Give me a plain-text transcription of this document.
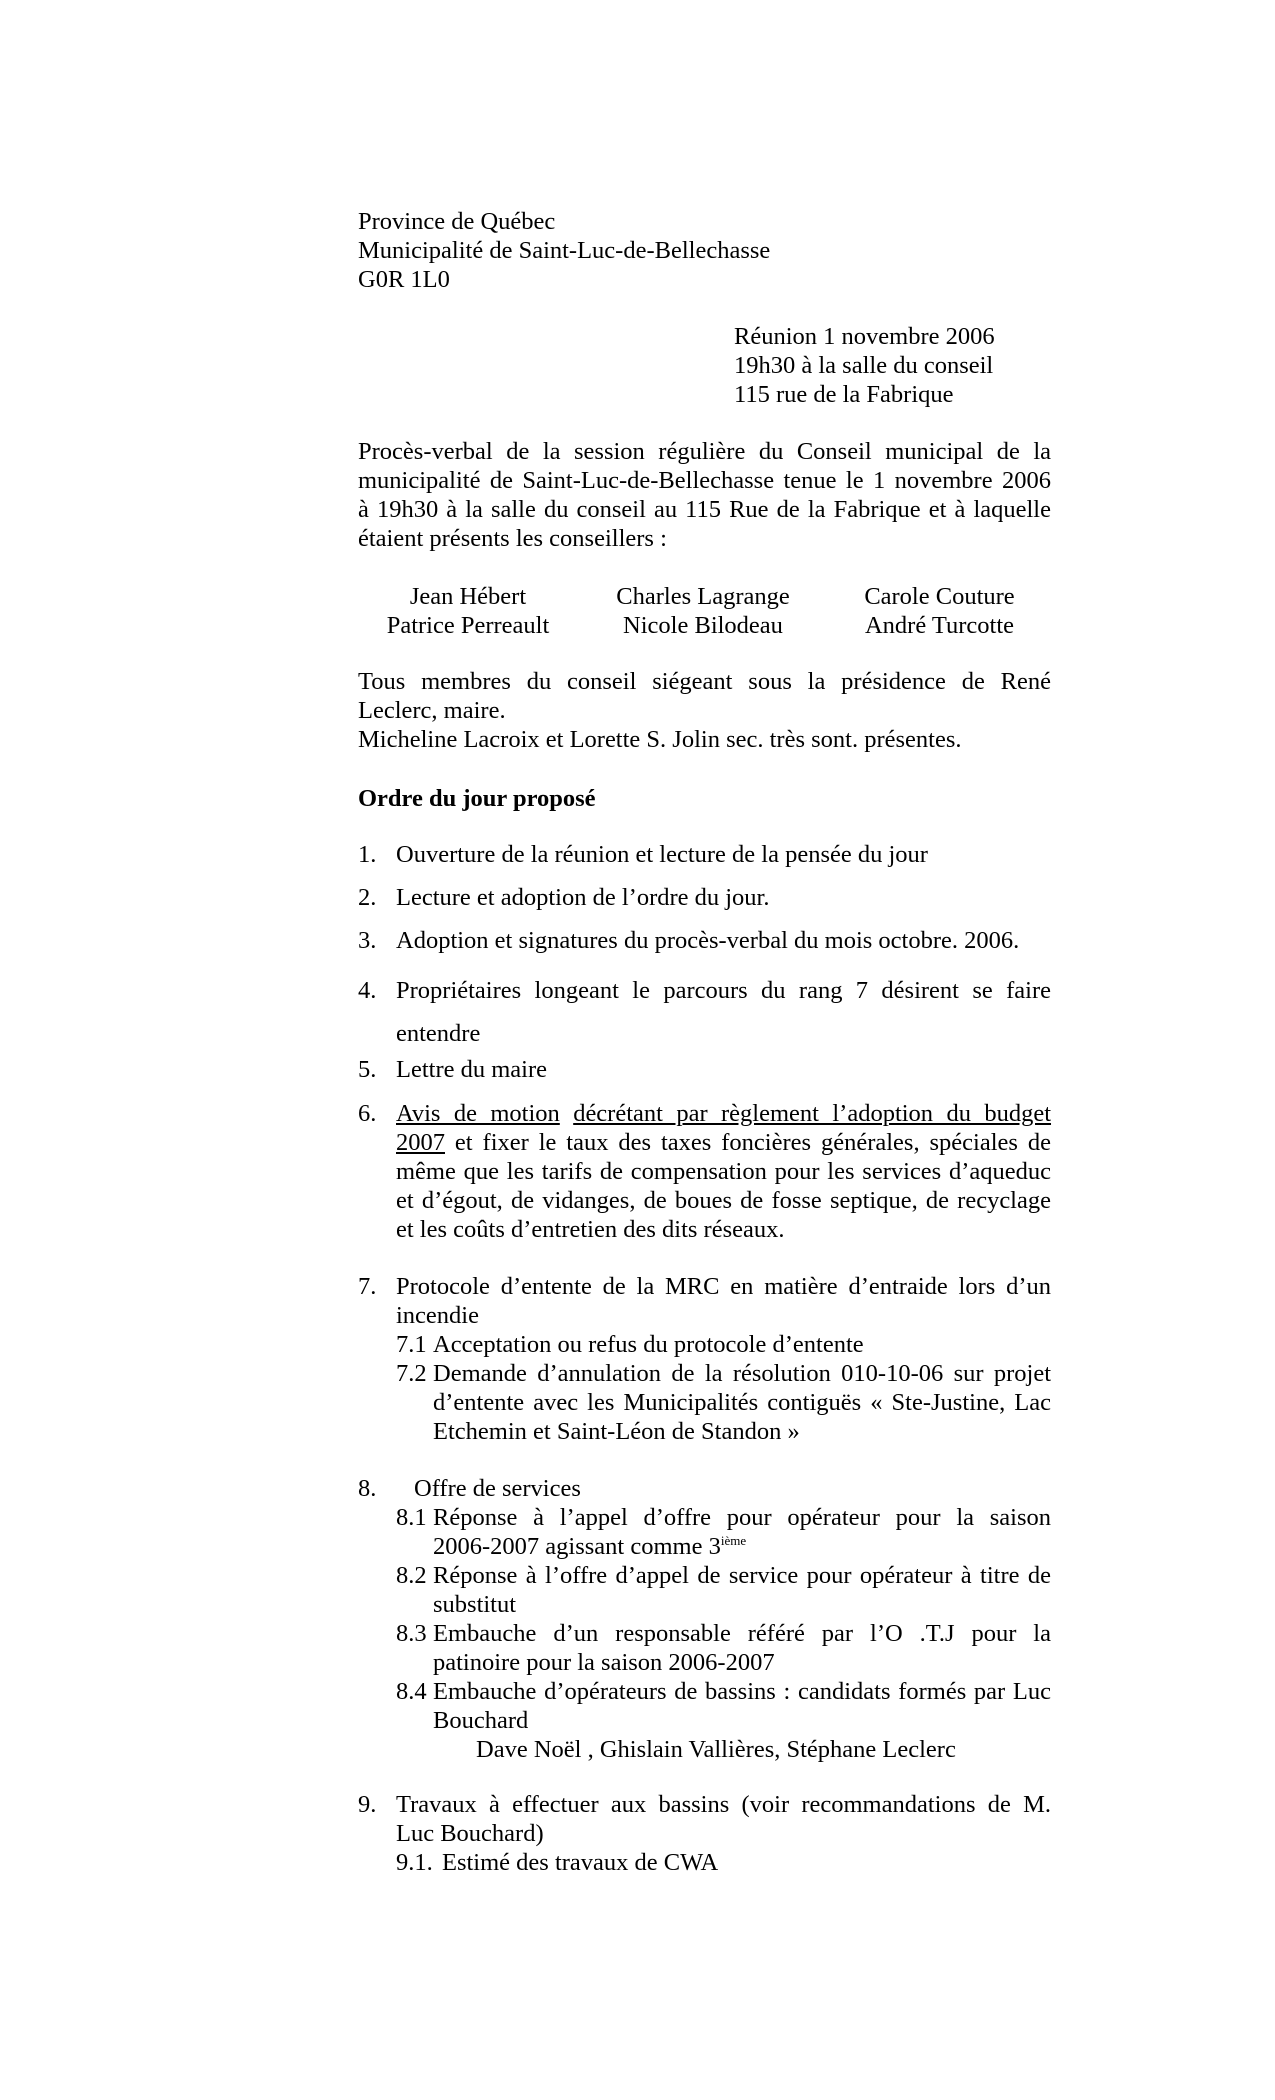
Province de Québec
Municipalité de Saint-Luc-de-Bellechasse
G0R 1L0
Réunion 1 novembre 2006
19h30 à la salle du conseil
115 rue de la Fabrique
Procès-verbal de la session régulière du Conseil municipal de la
municipalité de Saint-Luc-de-Bellechasse tenue le 1 novembre 2006
à 19h30 à la salle du conseil au 115 Rue de la Fabrique et à laquelle
étaient présents les conseillers :
Jean Hébert	Charles Lagrange	Carole Couture
Patrice Perreault	Nicole Bilodeau	André Turcotte
Tous membres du conseil siégeant sous la présidence de René
Leclerc, maire.
Micheline Lacroix et Lorette S. Jolin sec. très sont. présentes.
Ordre du jour proposé
1. Ouverture de la réunion et lecture de la pensée du jour
2. Lecture et adoption de l’ordre du jour.
3. Adoption et signatures du procès-verbal du mois octobre. 2006.
4. Propriétaires longeant le parcours du rang 7 désirent se faire
entendre
5. Lettre du maire
6. Avis de motion décrétant par règlement l’adoption du budget
2007 et fixer le taux des taxes foncières générales, spéciales de
même que les tarifs de compensation pour les services d’aqueduc
et d’égout, de vidanges, de boues de fosse septique, de recyclage
et les coûts d’entretien des dits réseaux.
7. Protocole d’entente de la MRC en matière d’entraide lors d’un
incendie
7.1 Acceptation ou refus du protocole d’entente
7.2 Demande d’annulation de la résolution 010-10-06 sur projet
d’entente avec les Municipalités contiguës « Ste-Justine, Lac
Etchemin et Saint-Léon de Standon »
8. Offre de services
8.1 Réponse à l’appel d’offre pour opérateur pour la saison
2006-2007 agissant comme 3ième
8.2 Réponse à l’offre d’appel de service pour opérateur à titre de
substitut
8.3 Embauche d’un responsable référé par l’O .T.J pour la
patinoire pour la saison 2006-2007
8.4 Embauche d’opérateurs de bassins : candidats formés par Luc
Bouchard
Dave Noël , Ghislain Vallières, Stéphane Leclerc
9. Travaux à effectuer aux bassins (voir recommandations de M.
Luc Bouchard)
9.1. Estimé des travaux de CWA
